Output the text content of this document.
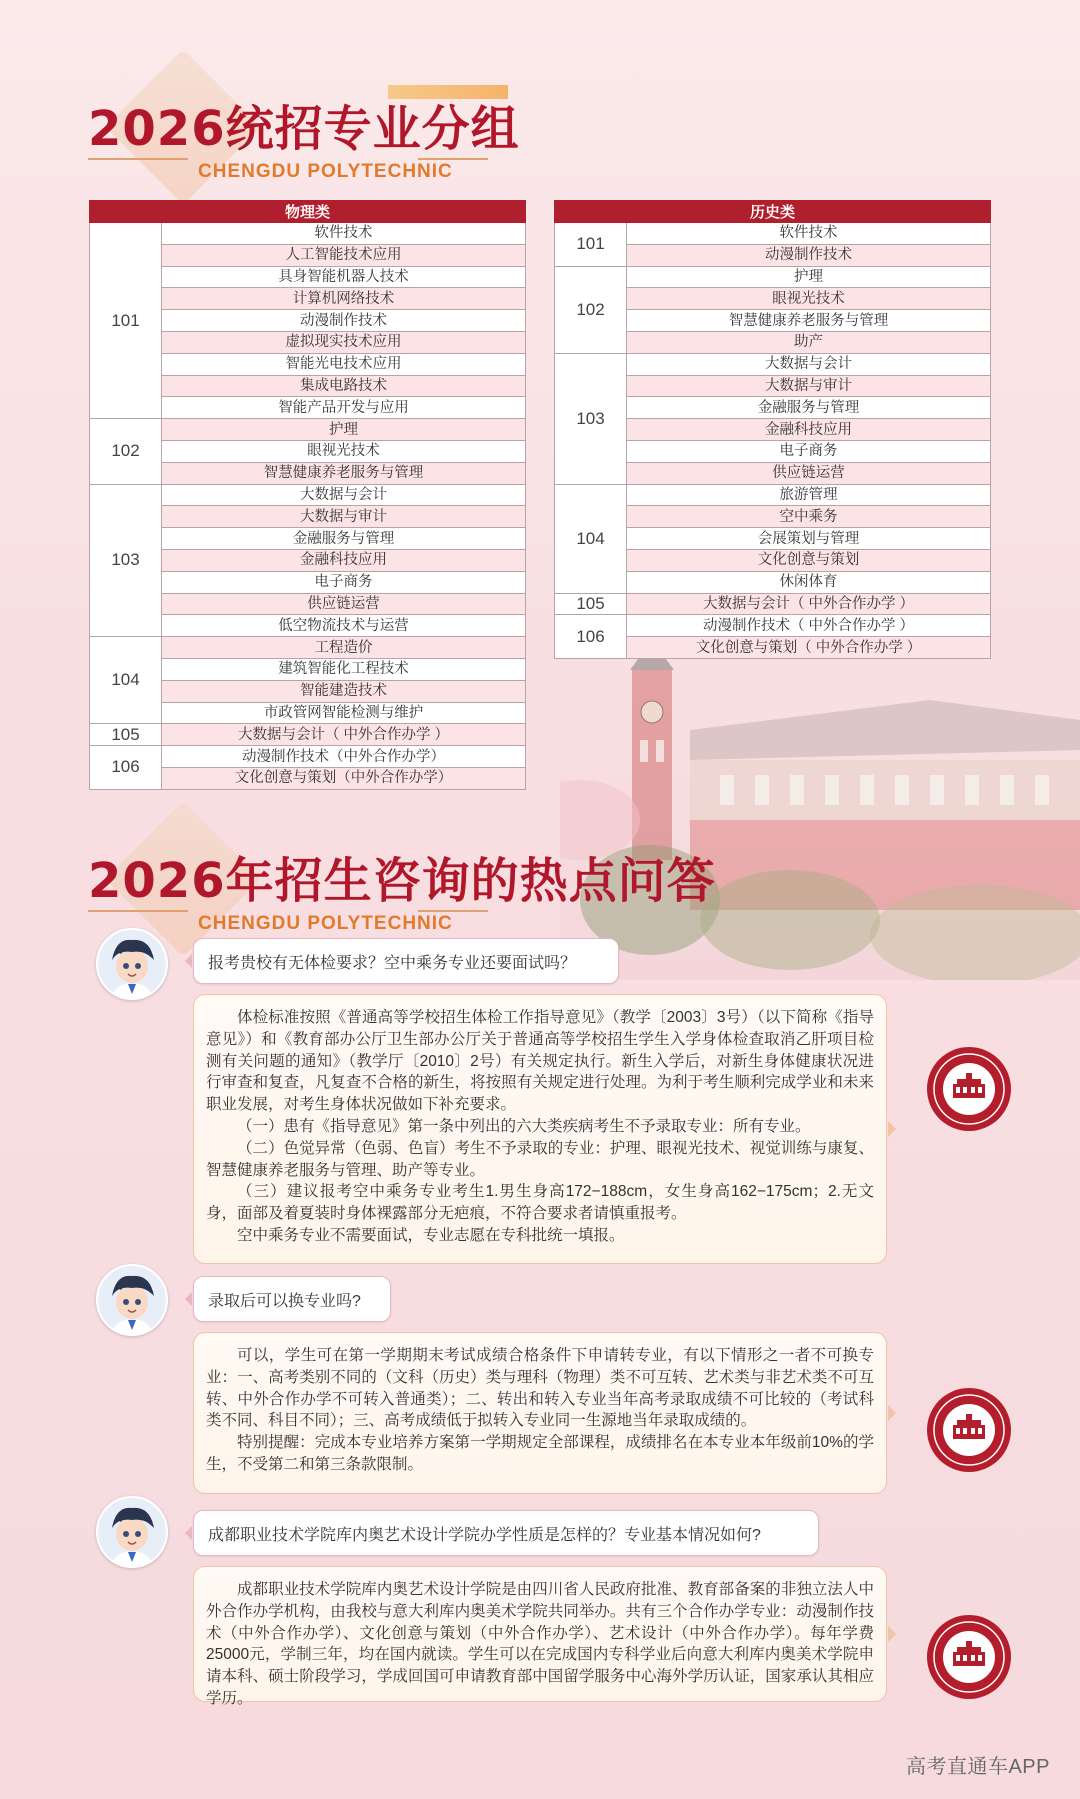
2026统招专业分组
CHENGDU POLYTECHNIC
物理类	
101	软件技术
	人工智能技术应用
	具身智能机器人技术
	计算机网络技术
	动漫制作技术
	虚拟现实技术应用
	智能光电技术应用
	集成电路技术
	智能产品开发与应用
102	护理
	眼视光技术
	智慧健康养老服务与管理
103	大数据与会计
	大数据与审计
	金融服务与管理
	金融科技应用
	电子商务
	供应链运营
	低空物流技术与运营
104	工程造价
	建筑智能化工程技术
	智能建造技术
	市政管网智能检测与维护
105	大数据与会计（ 中外合作办学 ）
106	动漫制作技术（中外合作办学）
	文化创意与策划（中外合作办学）
历史类	
101	软件技术
	动漫制作技术
102	护理
	眼视光技术
	智慧健康养老服务与管理
	助产
103	大数据与会计
	大数据与审计
	金融服务与管理
	金融科技应用
	电子商务
	供应链运营
104	旅游管理
	空中乘务
	会展策划与管理
	文化创意与策划
	休闲体育
105	大数据与会计（ 中外合作办学 ）
106	动漫制作技术（ 中外合作办学 ）
	文化创意与策划（ 中外合作办学 ）
2026年招生咨询的热点问答
CHENGDU POLYTECHNIC
报考贵校有无体检要求？空中乘务专业还要面试吗？

体检标准按照《普通高等学校招生体检工作指导意见》（教学〔2003〕3号）（以下简称《指导意见》）和《教育部办公厅卫生部办公厅关于普通高等学校招生学生入学身体检查取消乙肝项目检测有关问题的通知》（教学厅〔2010〕2号）有关规定执行。新生入学后，对新生身体健康状况进行审查和复查，凡复查不合格的新生，将按照有关规定进行处理。为利于考生顺利完成学业和未来职业发展，对考生身体状况做如下补充要求。

（一）患有《指导意见》第一条中列出的六大类疾病考生不予录取专业：所有专业。

（二）色觉异常（色弱、色盲）考生不予录取的专业：护理、眼视光技术、视觉训练与康复、智慧健康养老服务与管理、助产等专业。

（三）建议报考空中乘务专业考生1.男生身高172−188cm，女生身高162−175cm；2.无文身，面部及着夏装时身体裸露部分无疤痕，不符合要求者请慎重报考。

空中乘务专业不需要面试，专业志愿在专科批统一填报。

录取后可以换专业吗?

可以，学生可在第一学期期末考试成绩合格条件下申请转专业，有以下情形之一者不可换专业：一、高考类别不同的（文科（历史）类与理科（物理）类不可互转、艺术类与非艺术类不可互转、中外合作办学不可转入普通类）；二、转出和转入专业当年高考录取成绩不可比较的（考试科类不同、科目不同）；三、高考成绩低于拟转入专业同一生源地当年录取成绩的。

特别提醒：完成本专业培养方案第一学期规定全部课程，成绩排名在本专业本年级前10%的学生，不受第二和第三条款限制。

成都职业技术学院库内奥艺术设计学院办学性质是怎样的？专业基本情况如何?

成都职业技术学院库内奥艺术设计学院是由四川省人民政府批准、教育部备案的非独立法人中外合作办学机构，由我校与意大利库内奥美术学院共同举办。共有三个合作办学专业：动漫制作技术（中外合作办学）、文化创意与策划（中外合作办学）、艺术设计（中外合作办学）。每年学费25000元，学制三年，均在国内就读。学生可以在完成国内专科学业后向意大利库内奥美术学院申请本科、硕士阶段学习，学成回国可申请教育部中国留学服务中心海外学历认证，国家承认其相应学历。

高考直通车APP
